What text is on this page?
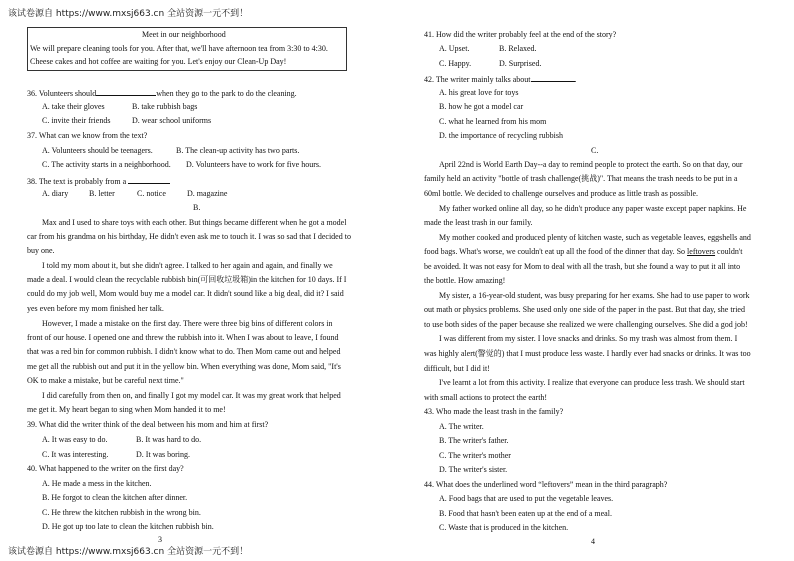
该试卷源自 https://www.mxsj663.cn 全站资源一元不到！
该试卷源自 https://www.mxsj663.cn 全站资源一元不到！
Meet in our neighborhood
We will prepare cleaning tools for you. After that, we'll have afternoon tea from 3:30 to 4:30.
Cheese cakes and hot coffee are waiting for you. Let's enjoy our Clean-Up Day!
36. Volunteers should	when they go to the park to do the cleaning.
A. take their gloves	B. take rubbish bags
C. invite their friends	D. wear school uniforms
37. What can we know from the text?
A. Volunteers should be teenagers.	B. The clean-up activity has two parts.
C. The activity starts in a neighborhood. D. Volunteers have to work for five hours.
38. The text is probably from a
A. diary	B. letter	C. notice	D. magazine
B.
Max and I used to share toys with each other. But things became different when he got a model
car from his grandma on his birthday, He didn't even ask me to touch it. I was so sad that I decided to
buy one.
I told my mom about it, but she didn't agree. I talked to her again and again, and finally we
made a deal. I would clean the recyclable rubbish bin(可回收垃圾箱)in the kitchen for 10 days. If I
could do my job well, Mom would buy me a model car. It didn't sound like a big deal, did it? I said
yes even before my mom finished her talk.
However, I made a mistake on the first day. There were three big bins of different colors in
front of our house. I opened one and threw the rubbish into it. When I was about to leave, I found
that was a red bin for common rubbish. I didn't know what to do. Then Mom came out and helped
me get all the rubbish out and put it in the yellow bin. When everything was done, Mom said, "It's
OK to make a mistake, but be careful next time."
I did carefully from then on, and finally I got my model car. It was my great work that helped
me get it. My heart began to sing when Mom handed it to me!
39. What did the writer think of the deal between his mom and him at first?
A. It was easy to do.	B. It was hard to do.
C. It was interesting.	D. It was boring.
40. What happened to the writer on the first day?
A. He made a mess in the kitchen.
B. He forgot to clean the kitchen after dinner.
C. He threw the kitchen rubbish in the wrong bin.
D. He got up too late to clean the kitchen rubbish bin.
3
41. How did the writer probably feel at the end of the story?
A. Upset.	B. Relaxed.
C. Happy.	D. Surprised.
42. The writer mainly talks about	.
A. his great love for toys
B. how he got a model car
C. what he learned from his mom
D. the importance of recycling rubbish
C.
April 22nd is World Earth Day--a day to remind people to protect the earth. So on that day, our
family held an activity "bottle of trash challenge(挑战)". That means the trash needs to be put in a
60ml bottle. We decided to challenge ourselves and produce as little trash as possible.
My father worked online all day, so he didn't produce any paper waste except paper napkins. He
made the least trash in our family.
My mother cooked and produced plenty of kitchen waste, such as vegetable leaves, eggshells and
food bags. What's worse, we couldn't eat up all the food of the dinner that day. So leftovers couldn't
be avoided. It was not easy for Mom to deal with all the trash, but she found a way to put it all into
the bottle. How amazing!
My sister, a 16-year-old student, was busy preparing for her exams. She had to use paper to work
out math or physics problems. She used only one side of the paper in the past. But that day, she tried
to use both sides of the paper because she realized we were challenging ourselves. She did a god job!
I was different from my sister. I love snacks and drinks. So my trash was almost from them. I
was highly alert(警觉的) that I must produce less waste. I hardly ever had snacks or drinks. It was too
difficult, but I did it!
I've learnt a lot from this activity. I realize that everyone can produce less trash. We should start
with small actions to protect the earth!
43. Who made the least trash in the family?
A. The writer.
B. The writer's father.
C. The writer's mother
D. The writer's sister.
44. What does the underlined word “leftovers” mean in the third paragraph?
A. Food bags that are used to put the vegetable leaves.
B. Food that hasn't been eaten up at the end of a meal.
C. Waste that is produced in the kitchen.
4
